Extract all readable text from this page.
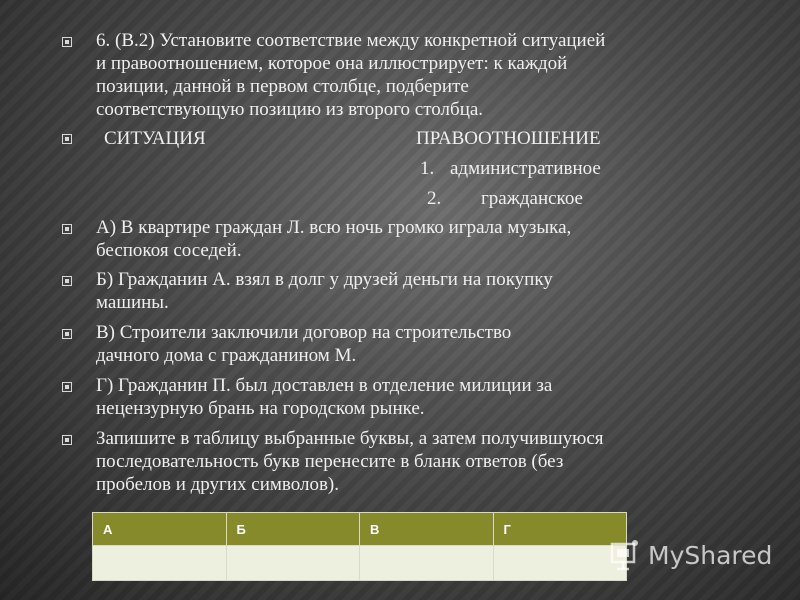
6. (В.2) Установите соответствие между конкретной ситуацией
и правоотношением, которое она иллюстрирует: к каждой
позиции, данной в первом столбце, подберите
соответствующую позицию из второго столбца.
СИТУАЦИЯ	ПРАВООТНОШЕНИЕ
1. административное
2. гражданское
А) В квартире граждан Л. всю ночь громко играла музыка,
беспокоя соседей.
Б) Гражданин А. взял в долг у друзей деньги на покупку
машины.
В) Строители заключили договор на строительство
дачного дома с гражданином М.
Г) Гражданин П. был доставлен в отделение милиции за
нецензурную брань на городском рынке.
Запишите в таблицу выбранные буквы, а затем получившуюся
последовательность букв перенесите в бланк ответов (без
пробелов и других символов).
А	Б	В	Г

MyShared
